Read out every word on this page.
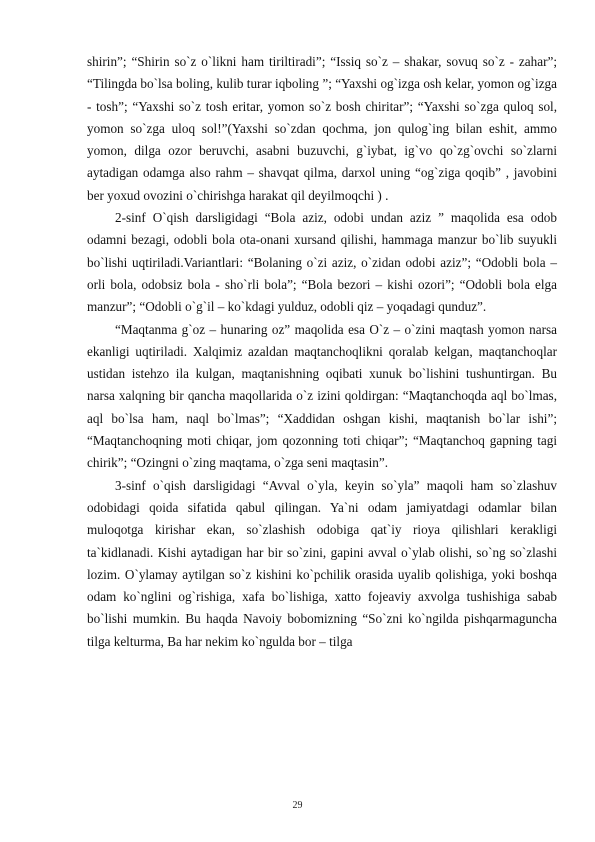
shirin”; “Shirin so`z o`likni ham tiriltiradi”; “Issiq so`z – shakar, sovuq so`z - zahar”; “Tilingda bo`lsa boling, kulib turar iqboling ”; “Yaxshi og`izga osh kelar, yomon og`izga - tosh”; “Yaxshi so`z tosh eritar, yomon so`z bosh chiritar”; “Yaxshi so`zga quloq sol, yomon so`zga uloq sol!”(Yaxshi so`zdan qochma, jon qulog`ing bilan eshit, ammo yomon, dilga ozor beruvchi, asabni buzuvchi, g`iybat, ig`vo qo`zg`ovchi so`zlarni aytadigan odamga also rahm – shavqat qilma, darxol uning “og`ziga qoqib” , javobini ber yoxud ovozini o`chirishga harakat qil deyilmoqchi ) .

2-sinf O`qish darsligidagi “Bola aziz, odobi undan aziz ” maqolida esa odob odamni bezagi, odobli bola ota-onani xursand qilishi, hammaga manzur bo`lib suyukli bo`lishi uqtiriladi.Variantlari: “Bolaning o`zi aziz, o`zidan odobi aziz”; “Odobli bola – orli bola, odobsiz bola - sho`rli bola”; “Bola bezori – kishi ozori”; “Odobli bola elga manzur”; “Odobli o`g`il – ko`kdagi yulduz, odobli qiz – yoqadagi qunduz”.

“Maqtanma g`oz – hunaring oz” maqolida esa O`z – o`zini maqtash yomon narsa ekanligi uqtiriladi. Xalqimiz azaldan maqtanchoqlikni qoralab kelgan, maqtanchoqlar ustidan istehzo ila kulgan, maqtanishning oqibati xunuk bo`lishini tushuntirgan. Bu narsa xalqning bir qancha maqollarida o`z izini qoldirgan: “Maqtanchoqda aql bo`lmas, aql bo`lsa ham, naql bo`lmas”; “Xaddidan oshgan kishi, maqtanish bo`lar ishi”; “Maqtanchoqning moti chiqar, jom qozonning toti chiqar”; “Maqtanchoq gapning tagi chirik”; “Ozingni o`zing maqtama, o`zga seni maqtasin”.

3-sinf o`qish darsligidagi “Avval o`yla, keyin so`yla” maqoli ham so`zlashuv odobidagi qoida sifatida qabul qilingan. Ya`ni odam jamiyatdagi odamlar bilan muloqotga kirishar ekan, so`zlashish odobiga qat`iy rioya qilishlari kerakligi ta`kidlanadi. Kishi aytadigan har bir so`zini, gapini avval o`ylab olishi, so`ng so`zlashi lozim. O`ylamay aytilgan so`z kishini ko`pchilik orasida uyalib qolishiga, yoki boshqa odam ko`nglini og`rishiga, xafa bo`lishiga, xatto fojeaviy axvolga tushishiga sabab bo`lishi mumkin. Bu haqda Navoiy bobomizning “So`zni ko`ngilda pishqarmaguncha tilga kelturma, Ba har nekim ko`ngulda bor – tilga

29
